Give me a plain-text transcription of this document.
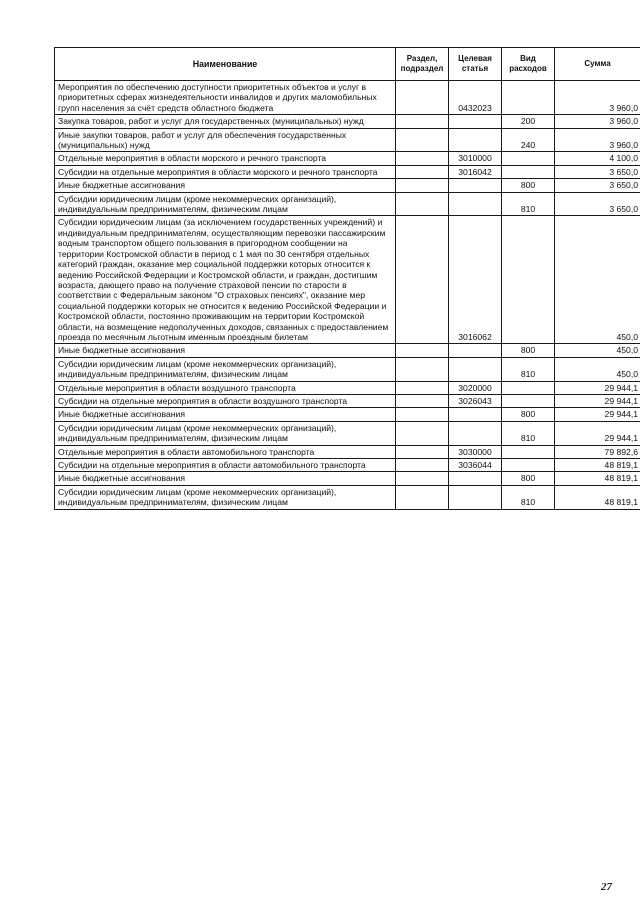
Наименование	Раздел, подраздел	Целевая статья	Вид расходов	Сумма
Мероприятия по обеспечению доступности приоритетных объектов и услуг в приоритетных сферах жизнедеятельности инвалидов и других маломобильных групп населения за счёт средств областного бюджета		0432023		3 960,0
Закупка товаров, работ и услуг для государственных (муниципальных) нужд			200	3 960,0
Иные закупки товаров, работ и услуг для обеспечения государственных (муниципальных) нужд			240	3 960,0
Отдельные мероприятия в области морского и речного транспорта		3010000		4 100,0
Субсидии на отдельные мероприятия в области морского и речного транспорта		3016042		3 650,0
Иные бюджетные ассигнования			800	3 650,0
Субсидии юридическим лицам (кроме некоммерческих организаций), индивидуальным предпринимателям, физическим лицам			810	3 650,0
Субсидии юридическим лицам (за исключением государственных учреждений) и индивидуальным предпринимателям, осуществляющим перевозки пассажирским водным транспортом общего пользования в пригородном сообщении на территории Костромской области в период с 1 мая по 30 сентября отдельных категорий граждан, оказание мер социальной поддержки которых относится к ведению Российской Федерации и Костромской области, и граждан, достигшим возраста, дающего право на получение страховой пенсии по старости в соответствии с Федеральным законом "О страховых пенсиях", оказание мер социальной поддержки которых не относится к ведению Российской Федерации и Костромской области, постоянно проживающим на территории Костромской области, на возмещение недополученных доходов, связанных с предоставлением проезда по месячным льготным именным проездным билетам		3016062		450,0
Иные бюджетные ассигнования			800	450,0
Субсидии юридическим лицам (кроме некоммерческих организаций), индивидуальным предпринимателям, физическим лицам			810	450,0
Отдельные мероприятия в области воздушного транспорта		3020000		29 944,1
Субсидии на отдельные мероприятия в области воздушного транспорта		3026043		29 944,1
Иные бюджетные ассигнования			800	29 944,1
Субсидии юридическим лицам (кроме некоммерческих организаций), индивидуальным предпринимателям, физическим лицам			810	29 944,1
Отдельные мероприятия в области автомобильного транспорта		3030000		79 892,6
Субсидии на отдельные мероприятия в области автомобильного транспорта		3036044		48 819,1
Иные бюджетные ассигнования			800	48 819,1
Субсидии юридическим лицам (кроме некоммерческих организаций), индивидуальным предпринимателям, физическим лицам			810	48 819,1
27
